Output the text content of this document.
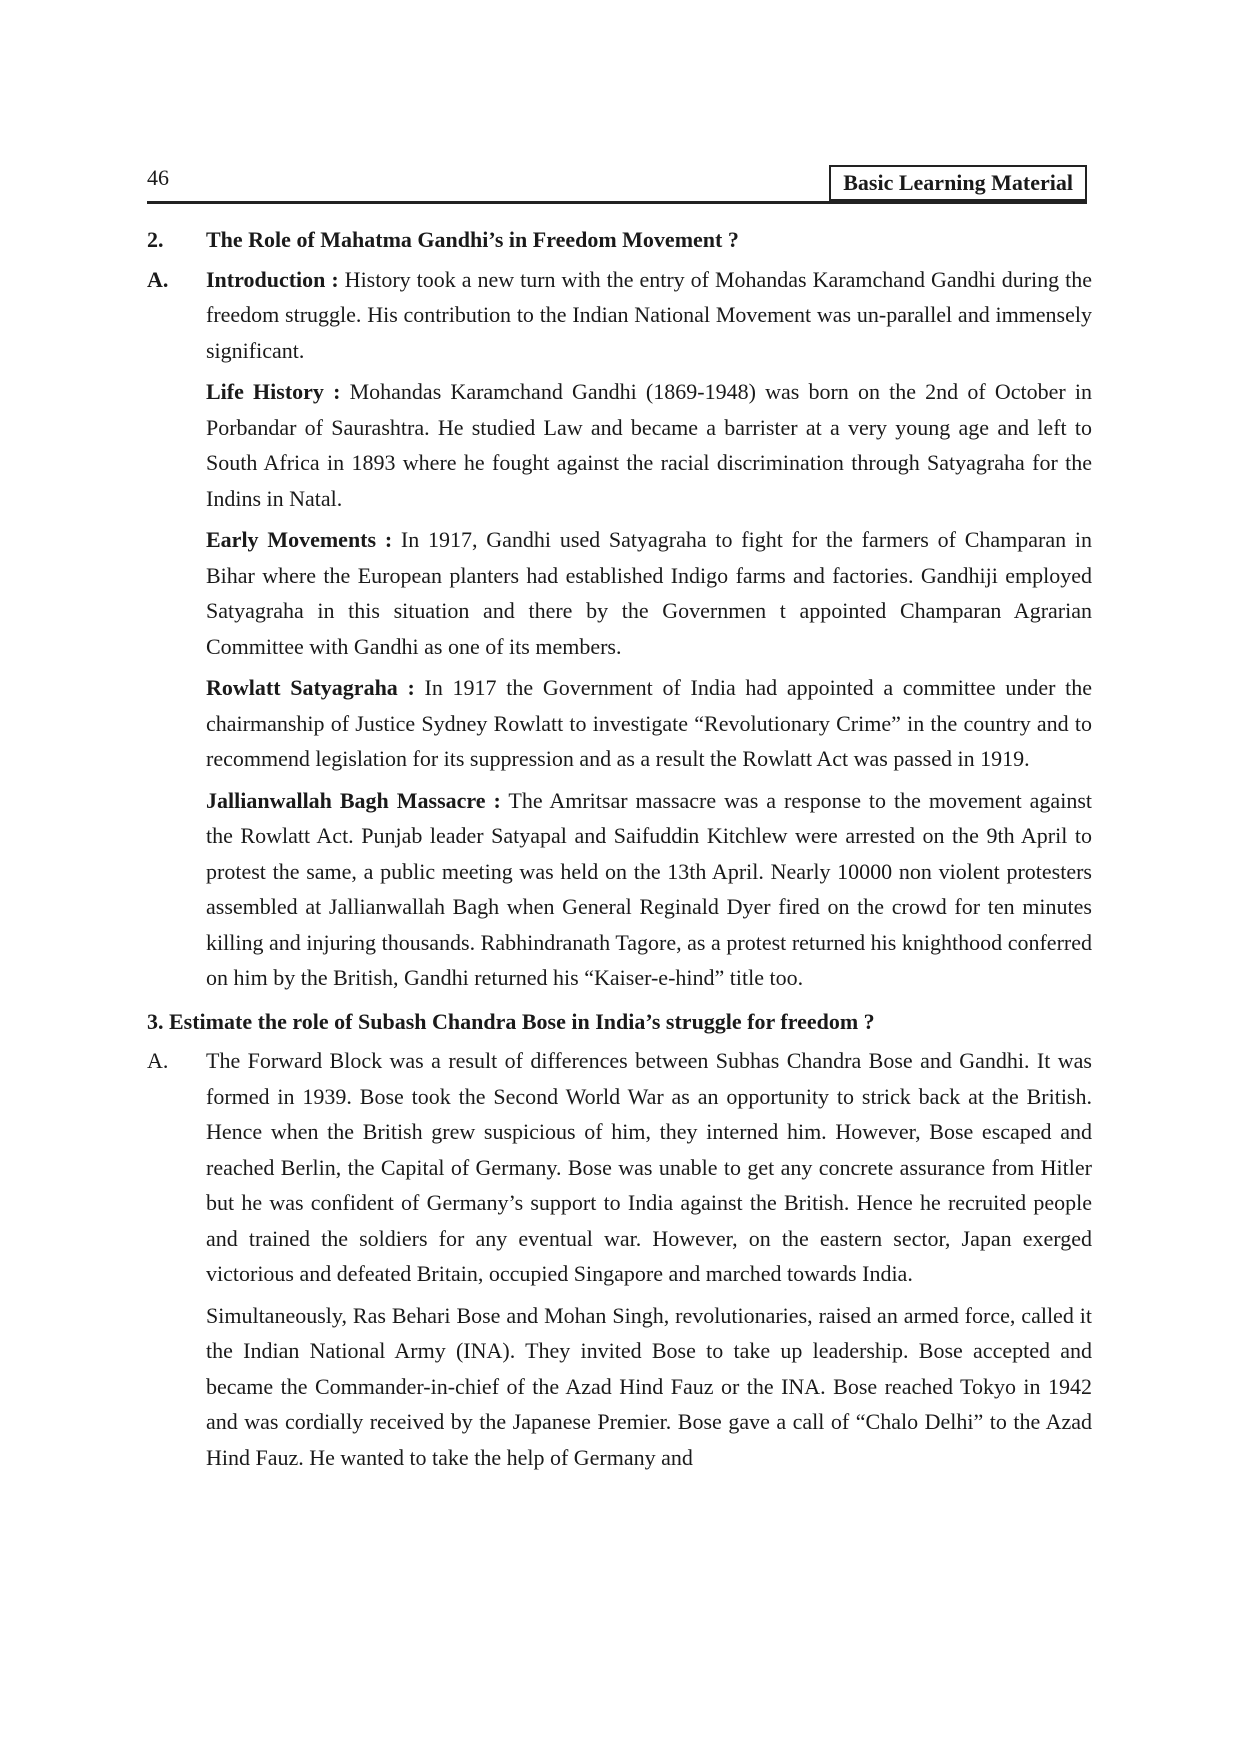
46	Basic Learning Material
2.	The Role of Mahatma Gandhi’s in Freedom Movement ?
A.	Introduction : History took a new turn with the entry of Mohandas Karamchand Gandhi during the freedom struggle. His contribution to the Indian National Movement was un-parallel and immensely significant.

Life History : Mohandas Karamchand Gandhi (1869-1948) was born on the 2nd of October in Porbandar of Saurashtra. He studied Law and became a barrister at a very young age and left to South Africa in 1893 where he fought against the racial discrimination through Satyagraha for the Indins in Natal.

Early Movements : In 1917, Gandhi used Satyagraha to fight for the farmers of Champaran in Bihar where the European planters had established Indigo farms and factories. Gandhiji employed Satyagraha in this situation and there by the Governmen t appointed Champaran Agrarian Committee with Gandhi as one of its members.

Rowlatt Satyagraha : In 1917 the Government of India had appointed a committee under the chairmanship of Justice Sydney Rowlatt to investigate “Revolutionary Crime” in the country and to recommend legislation for its suppression and as a result the Rowlatt Act was passed in 1919.

Jallianwallah Bagh Massacre : The Amritsar massacre was a response to the movement against the Rowlatt Act. Punjab leader Satyapal and Saifuddin Kitchlew were arrested on the 9th April to protest the same, a public meeting was held on the 13th April. Nearly 10000 non violent protesters assembled at Jallianwallah Bagh when General Reginald Dyer fired on the crowd for ten minutes killing and injuring thousands. Rabhindranath Tagore, as a protest returned his knighthood conferred on him by the British, Gandhi returned his “Kaiser-e-hind” title too.

3. Estimate the role of Subash Chandra Bose in India’s struggle for freedom ?
A.	The Forward Block was a result of differences between Subhas Chandra Bose and Gandhi. It was formed in 1939. Bose took the Second World War as an opportunity to strick back at the British. Hence when the British grew suspicious of him, they interned him. However, Bose escaped and reached Berlin, the Capital of Germany. Bose was unable to get any concrete assurance from Hitler but he was confident of Germany’s support to India against the British. Hence he recruited people and trained the soldiers for any eventual war. However, on the eastern sector, Japan exerged victorious and defeated Britain, occupied Singapore and marched towards India.

Simultaneously, Ras Behari Bose and Mohan Singh, revolutionaries, raised an armed force, called it the Indian National Army (INA). They invited Bose to take up leadership. Bose accepted and became the Commander-in-chief of the Azad Hind Fauz or the INA. Bose reached Tokyo in 1942 and was cordially received by the Japanese Premier. Bose gave a call of “Chalo Delhi” to the Azad Hind Fauz. He wanted to take the help of Germany and
